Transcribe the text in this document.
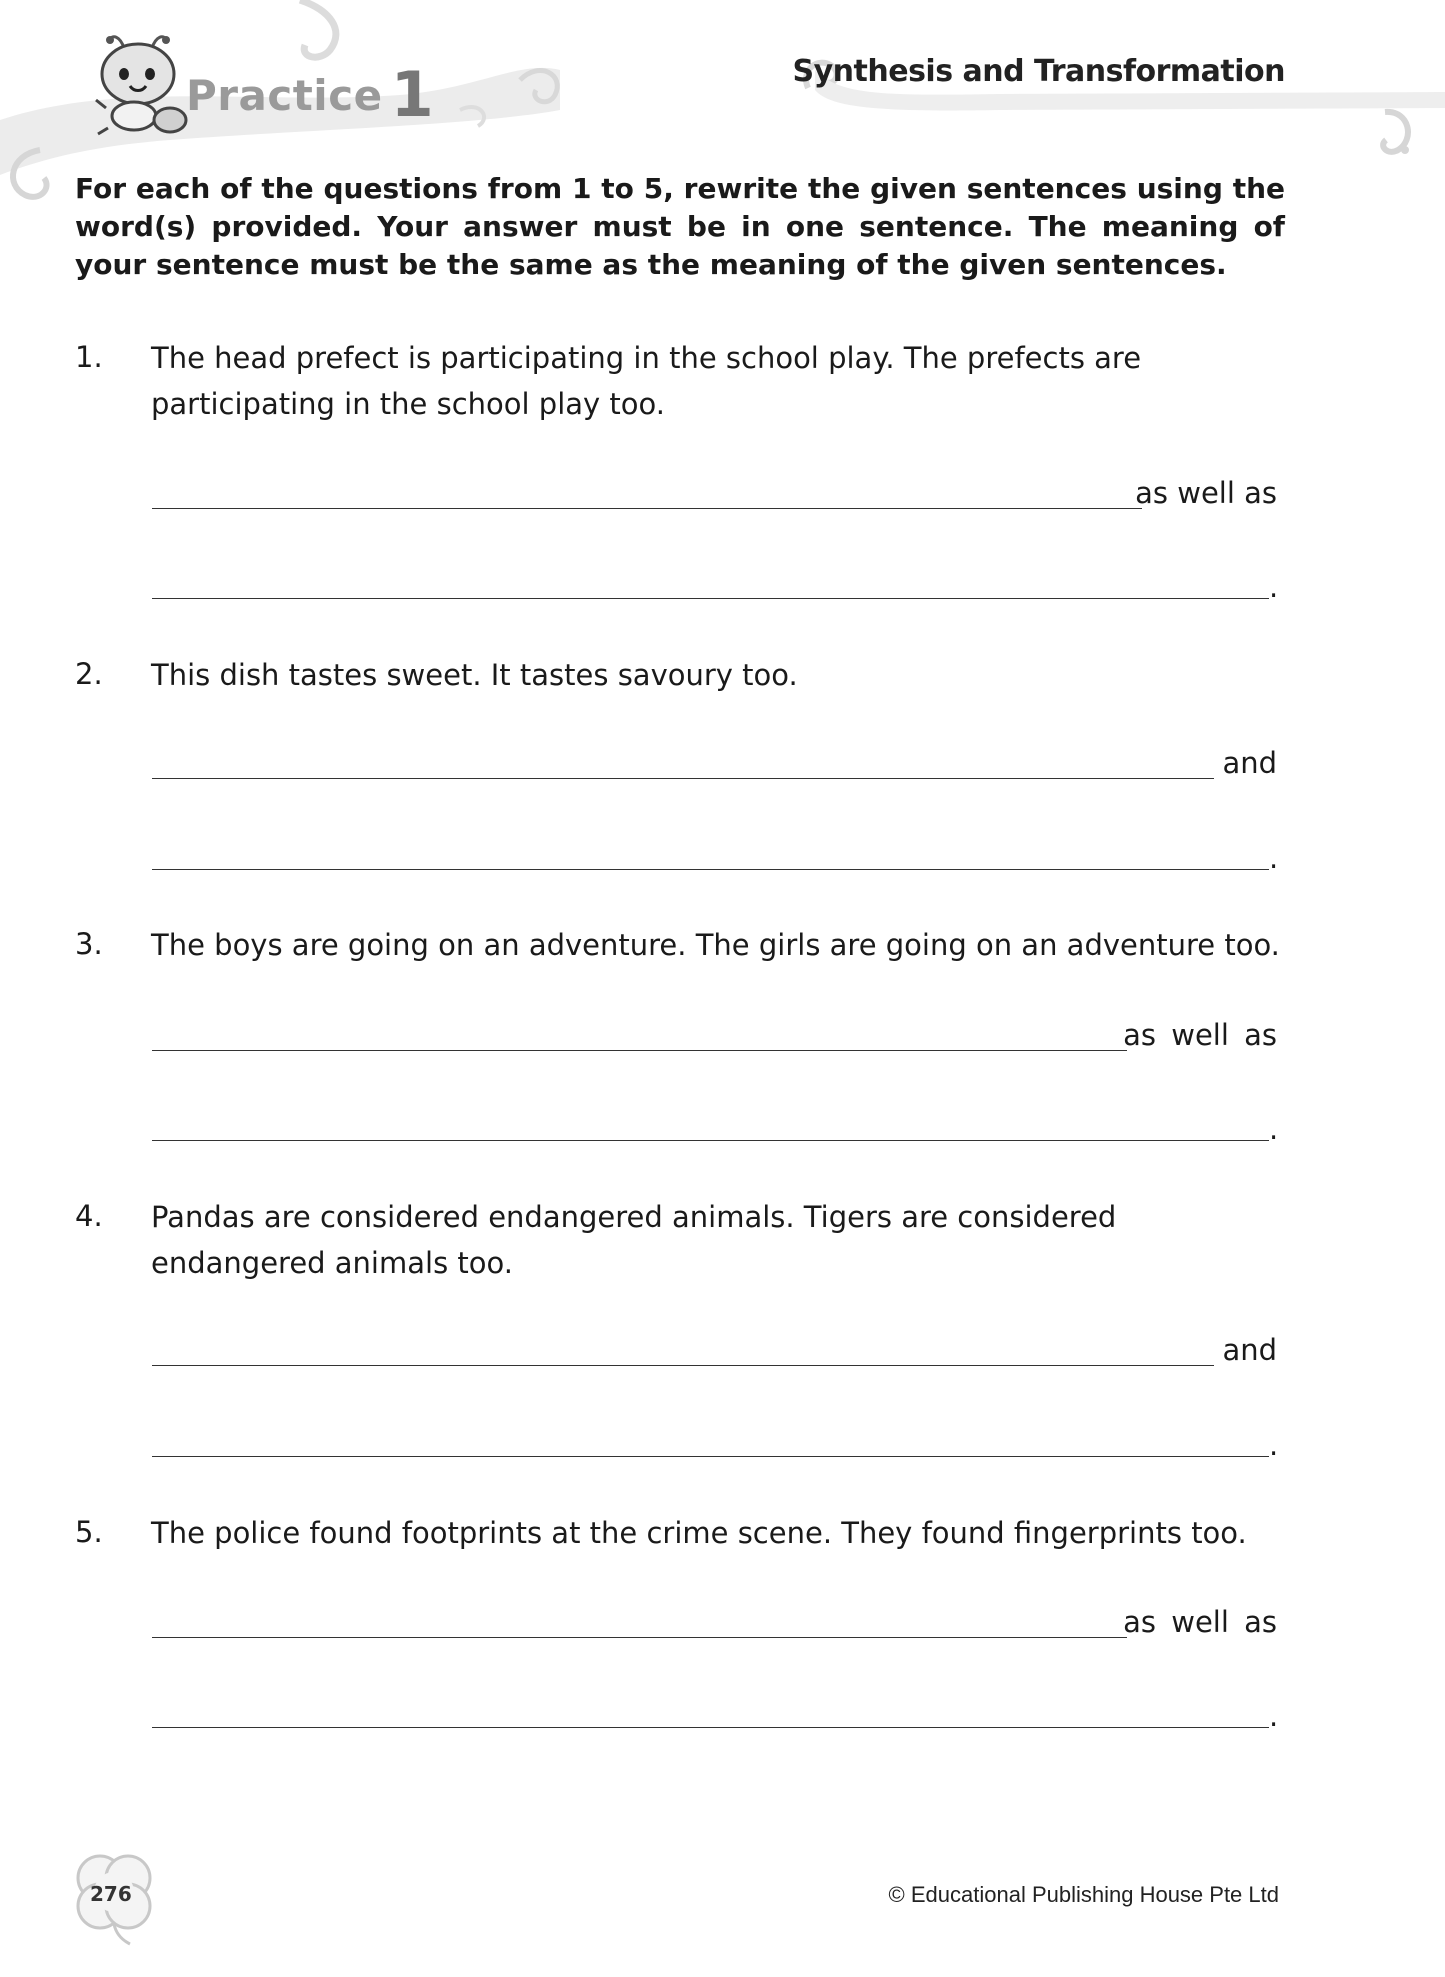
Practice 1	Synthesis and Transformation

For each of the questions from 1 to 5, rewrite the given sentences using the word(s) provided. Your answer must be in one sentence. The meaning of your sentence must be the same as the meaning of the given sentences.

1. The head prefect is participating in the school play. The prefects are participating in the school play too.

as well as

.

2. This dish tastes sweet. It tastes savoury too.

and

.

3. The boys are going on an adventure. The girls are going on an adventure too.

as well as

.

4. Pandas are considered endangered animals. Tigers are considered endangered animals too.

and

.

5. The police found footprints at the crime scene. They found fingerprints too.

as well as

.

276	© Educational Publishing House Pte Ltd
